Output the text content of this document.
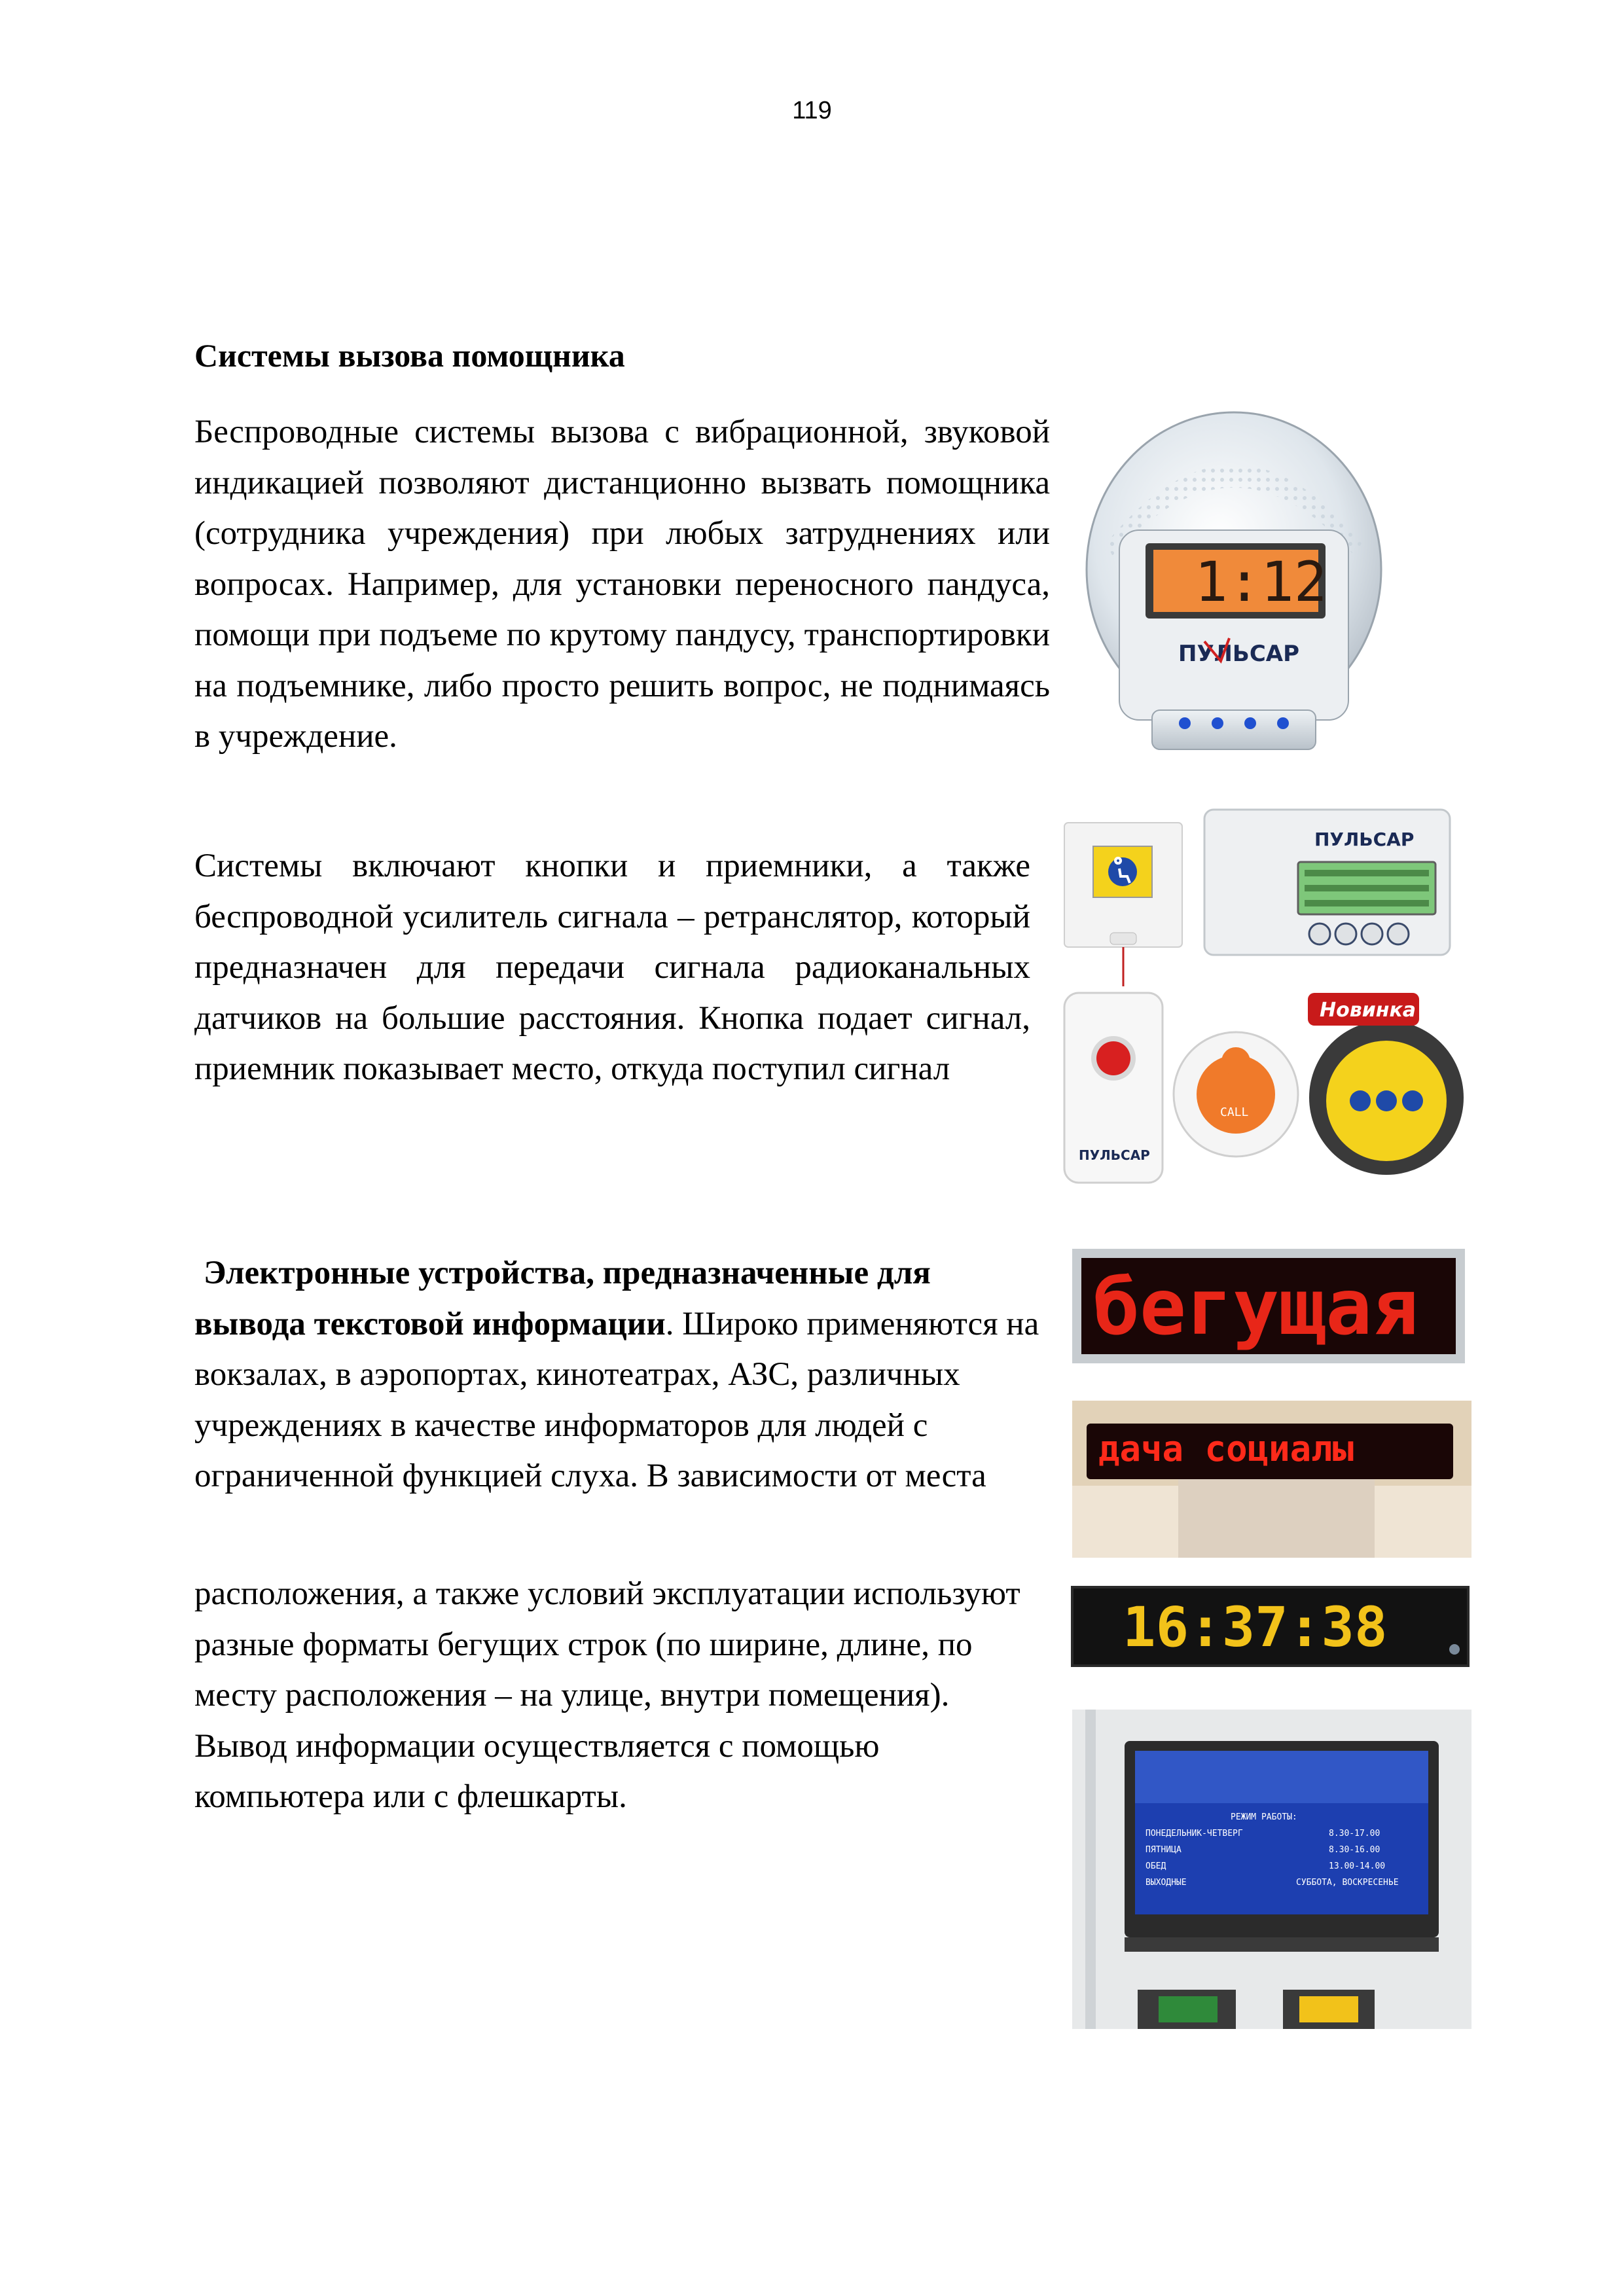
119
Системы вызова помощника
Беспроводные системы вызова с вибрационной, звуковой индикацией позволяют дистанционно вызвать помощника (сотрудника учреждения) при любых затруднениях или вопросах. Например, для установки переносного пандуса, помощи при подъеме по крутому пандусу, транспортировки на подъемнике, либо просто решить вопрос, не поднимаясь в учреждение.
Системы включают кнопки и приемники, а также беспроводной усилитель сигнала – ретранслятор, который предназначен для передачи сигнала радиоканальных датчиков на большие расстояния. Кнопка подает сигнал, приемник показывает место, откуда поступил сигнал
Электронные устройства, предназначенные для вывода текстовой информации. Широко применяются на вокзалах, в аэропортах, кинотеатрах, АЗС, различных учреждениях в качестве информаторов для людей с ограниченной функцией слуха. В зависимости от места
расположения, а также условий эксплуатации используют разные форматы бегущих строк (по ширине, длине, по месту расположения – на улице, внутри помещения). Вывод информации осуществляется с помощью компьютера или с флешкарты.
1:12
ПУЛЬСАР
ПУЛЬСАР
ПУЛЬСАР
CALL
Новинка
бегущая
дача социалы
16:37:38
РЕЖИМ РАБОТЫ:
ПОНЕДЕЛЬНИК-ЧЕТВЕРГ
ПЯТНИЦА
ОБЕД
ВЫХОДНЫЕ
8.30-17.00
8.30-16.00
13.00-14.00
СУББОТА, ВОСКРЕСЕНЬЕ
